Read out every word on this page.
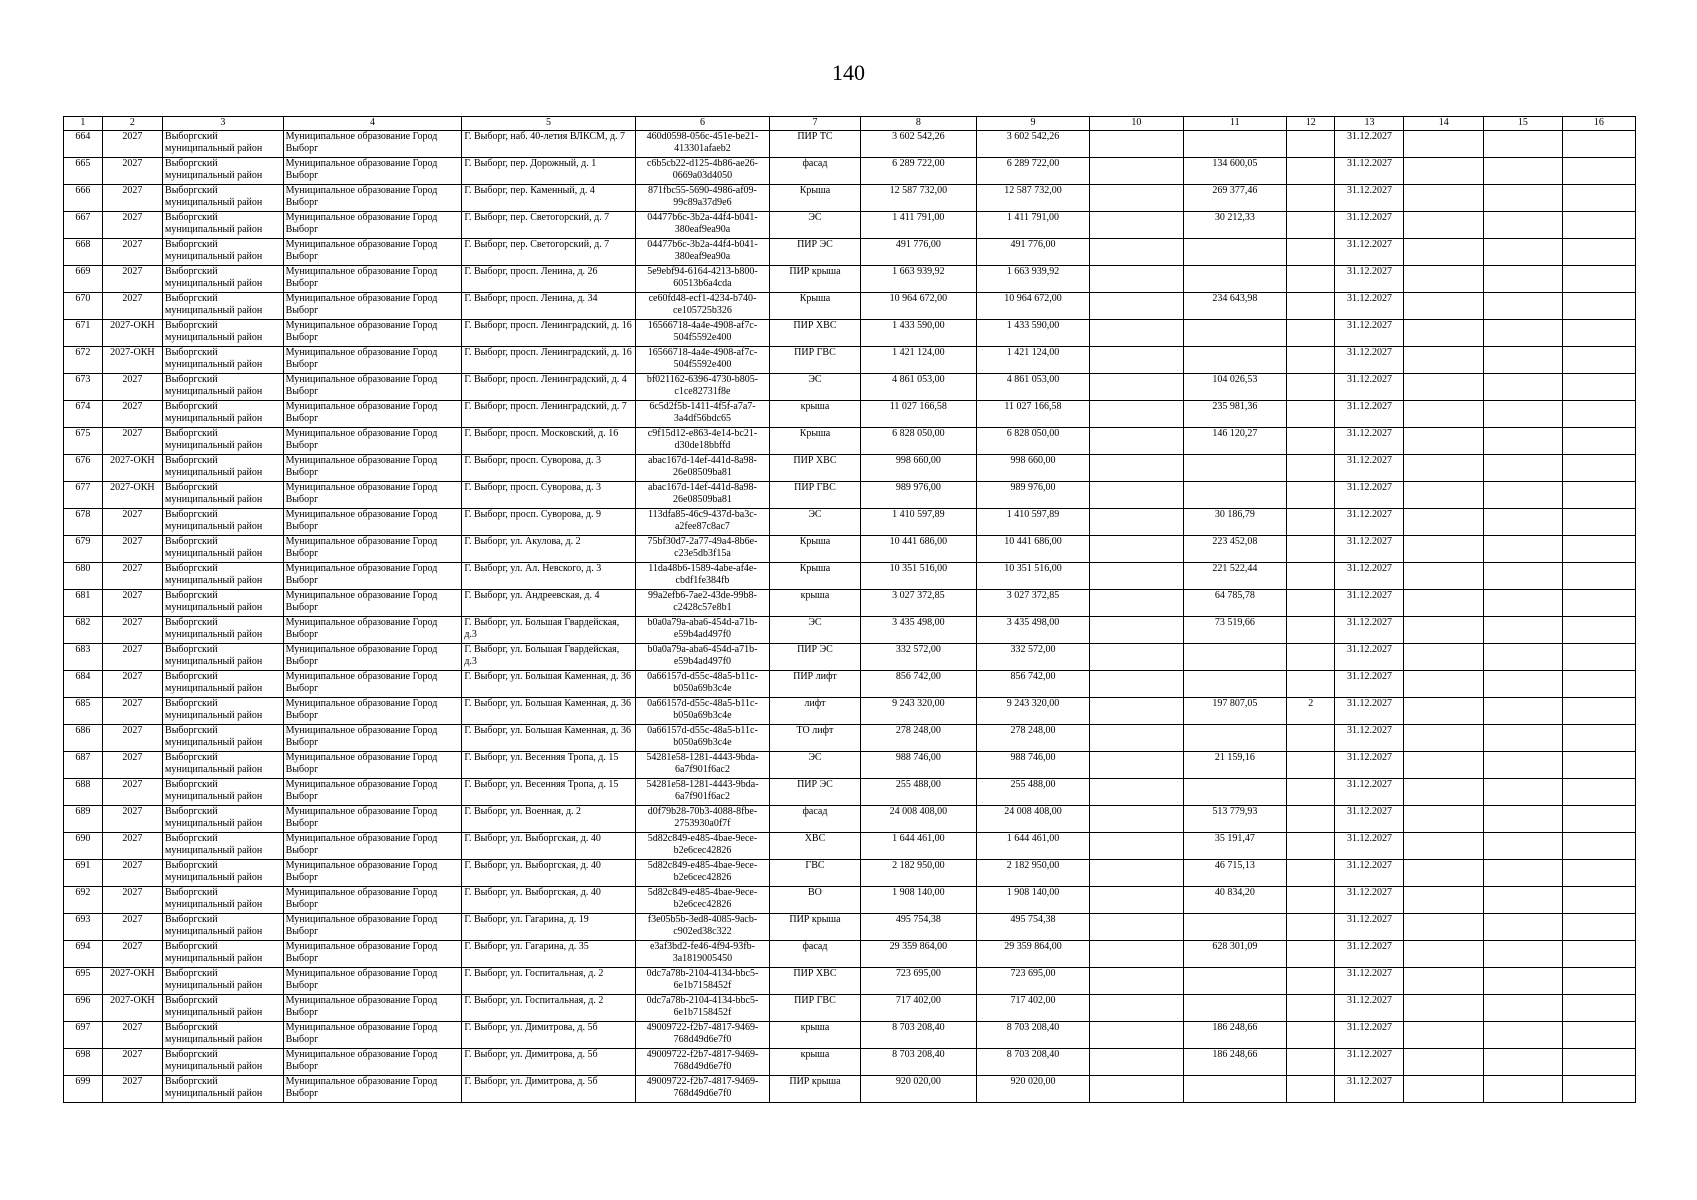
140
1	2	3	4	5	6	7	8	9	10	11	12	13	14	15	16
664	2027	Выборгский муниципальный район	Муниципальное образование Город Выборг	Г. Выборг, наб. 40-летия ВЛКСМ, д. 7	460d0598-056c-451e-be21-413301afaeb2	ПИР ТС	3 602 542,26	3 602 542,26				31.12.2027			
665	2027	Выборгский муниципальный район	Муниципальное образование Город Выборг	Г. Выборг, пер. Дорожный, д. 1	c6b5cb22-d125-4b86-ae26-0669a03d4050	фасад	6 289 722,00	6 289 722,00		134 600,05		31.12.2027			
666	2027	Выборгский муниципальный район	Муниципальное образование Город Выборг	Г. Выборг, пер. Каменный, д. 4	871fbc55-5690-4986-af09-99c89a37d9e6	Крыша	12 587 732,00	12 587 732,00		269 377,46		31.12.2027			
667	2027	Выборгский муниципальный район	Муниципальное образование Город Выборг	Г. Выборг, пер. Светогорский, д. 7	04477b6c-3b2a-44f4-b041-380eaf9ea90a	ЭС	1 411 791,00	1 411 791,00		30 212,33		31.12.2027			
668	2027	Выборгский муниципальный район	Муниципальное образование Город Выборг	Г. Выборг, пер. Светогорский, д. 7	04477b6c-3b2a-44f4-b041-380eaf9ea90a	ПИР ЭС	491 776,00	491 776,00				31.12.2027			
669	2027	Выборгский муниципальный район	Муниципальное образование Город Выборг	Г. Выборг, просп. Ленина, д. 26	5e9ebf94-6164-4213-b800-60513b6a4cda	ПИР крыша	1 663 939,92	1 663 939,92				31.12.2027			
670	2027	Выборгский муниципальный район	Муниципальное образование Город Выборг	Г. Выборг, просп. Ленина, д. 34	ce60fd48-ecf1-4234-b740-ce105725b326	Крыша	10 964 672,00	10 964 672,00		234 643,98		31.12.2027			
671	2027-ОКН	Выборгский муниципальный район	Муниципальное образование Город Выборг	Г. Выборг, просп. Ленинградский, д. 16	16566718-4a4e-4908-af7c-504f5592e400	ПИР ХВС	1 433 590,00	1 433 590,00				31.12.2027			
672	2027-ОКН	Выборгский муниципальный район	Муниципальное образование Город Выборг	Г. Выборг, просп. Ленинградский, д. 16	16566718-4a4e-4908-af7c-504f5592e400	ПИР ГВС	1 421 124,00	1 421 124,00				31.12.2027			
673	2027	Выборгский муниципальный район	Муниципальное образование Город Выборг	Г. Выборг, просп. Ленинградский, д. 4	bf021162-6396-4730-b805-c1ce82731f8e	ЭС	4 861 053,00	4 861 053,00		104 026,53		31.12.2027			
674	2027	Выборгский муниципальный район	Муниципальное образование Город Выборг	Г. Выборг, просп. Ленинградский, д. 7	6c5d2f5b-1411-4f5f-a7a7-3a4df56bdc65	крыша	11 027 166,58	11 027 166,58		235 981,36		31.12.2027			
675	2027	Выборгский муниципальный район	Муниципальное образование Город Выборг	Г. Выборг, просп. Московский, д. 16	c9f15d12-e863-4e14-bc21-d30de18bbffd	Крыша	6 828 050,00	6 828 050,00		146 120,27		31.12.2027			
676	2027-ОКН	Выборгский муниципальный район	Муниципальное образование Город Выборг	Г. Выборг, просп. Суворова, д. 3	abac167d-14ef-441d-8a98-26e08509ba81	ПИР ХВС	998 660,00	998 660,00				31.12.2027			
677	2027-ОКН	Выборгский муниципальный район	Муниципальное образование Город Выборг	Г. Выборг, просп. Суворова, д. 3	abac167d-14ef-441d-8a98-26e08509ba81	ПИР ГВС	989 976,00	989 976,00				31.12.2027			
678	2027	Выборгский муниципальный район	Муниципальное образование Город Выборг	Г. Выборг, просп. Суворова, д. 9	113dfa85-46c9-437d-ba3c-a2fee87c8ac7	ЭС	1 410 597,89	1 410 597,89		30 186,79		31.12.2027			
679	2027	Выборгский муниципальный район	Муниципальное образование Город Выборг	Г. Выборг, ул. Акулова, д. 2	75bf30d7-2a77-49a4-8b6e-c23e5db3f15a	Крыша	10 441 686,00	10 441 686,00		223 452,08		31.12.2027			
680	2027	Выборгский муниципальный район	Муниципальное образование Город Выборг	Г. Выборг, ул. Ал. Невского, д. 3	11da48b6-1589-4abe-af4e-cbdf1fe384fb	Крыша	10 351 516,00	10 351 516,00		221 522,44		31.12.2027			
681	2027	Выборгский муниципальный район	Муниципальное образование Город Выборг	Г. Выборг, ул. Андреевская, д. 4	99a2efb6-7ae2-43de-99b8-c2428c57e8b1	крыша	3 027 372,85	3 027 372,85		64 785,78		31.12.2027			
682	2027	Выборгский муниципальный район	Муниципальное образование Город Выборг	Г. Выборг, ул. Большая Гвардейская, д.3	b0a0a79a-aba6-454d-a71b-e59b4ad497f0	ЭС	3 435 498,00	3 435 498,00		73 519,66		31.12.2027			
683	2027	Выборгский муниципальный район	Муниципальное образование Город Выборг	Г. Выборг, ул. Большая Гвардейская, д.3	b0a0a79a-aba6-454d-a71b-e59b4ad497f0	ПИР ЭС	332 572,00	332 572,00				31.12.2027			
684	2027	Выборгский муниципальный район	Муниципальное образование Город Выборг	Г. Выборг, ул. Большая Каменная, д. 36	0a66157d-d55c-48a5-b11c-b050a69b3c4e	ПИР лифт	856 742,00	856 742,00				31.12.2027			
685	2027	Выборгский муниципальный район	Муниципальное образование Город Выборг	Г. Выборг, ул. Большая Каменная, д. 36	0a66157d-d55c-48a5-b11c-b050a69b3c4e	лифт	9 243 320,00	9 243 320,00		197 807,05	2	31.12.2027			
686	2027	Выборгский муниципальный район	Муниципальное образование Город Выборг	Г. Выборг, ул. Большая Каменная, д. 36	0a66157d-d55c-48a5-b11c-b050a69b3c4e	ТО лифт	278 248,00	278 248,00				31.12.2027			
687	2027	Выборгский муниципальный район	Муниципальное образование Город Выборг	Г. Выборг, ул. Весенняя Тропа, д. 15	54281e58-1281-4443-9bda-6a7f901f6ac2	ЭС	988 746,00	988 746,00		21 159,16		31.12.2027			
688	2027	Выборгский муниципальный район	Муниципальное образование Город Выборг	Г. Выборг, ул. Весенняя Тропа, д. 15	54281e58-1281-4443-9bda-6a7f901f6ac2	ПИР ЭС	255 488,00	255 488,00				31.12.2027			
689	2027	Выборгский муниципальный район	Муниципальное образование Город Выборг	Г. Выборг, ул. Военная, д. 2	d0f79b28-70b3-4088-8fbe-2753930a0f7f	фасад	24 008 408,00	24 008 408,00		513 779,93		31.12.2027			
690	2027	Выборгский муниципальный район	Муниципальное образование Город Выборг	Г. Выборг, ул. Выборгская, д. 40	5d82c849-e485-4bae-9ece-b2e6cec42826	ХВС	1 644 461,00	1 644 461,00		35 191,47		31.12.2027			
691	2027	Выборгский муниципальный район	Муниципальное образование Город Выборг	Г. Выборг, ул. Выборгская, д. 40	5d82c849-e485-4bae-9ece-b2e6cec42826	ГВС	2 182 950,00	2 182 950,00		46 715,13		31.12.2027			
692	2027	Выборгский муниципальный район	Муниципальное образование Город Выборг	Г. Выборг, ул. Выборгская, д. 40	5d82c849-e485-4bae-9ece-b2e6cec42826	ВО	1 908 140,00	1 908 140,00		40 834,20		31.12.2027			
693	2027	Выборгский муниципальный район	Муниципальное образование Город Выборг	Г. Выборг, ул. Гагарина, д. 19	f3e05b5b-3ed8-4085-9acb-c902ed38c322	ПИР крыша	495 754,38	495 754,38				31.12.2027			
694	2027	Выборгский муниципальный район	Муниципальное образование Город Выборг	Г. Выборг, ул. Гагарина, д. 35	e3af3bd2-fe46-4f94-93fb-3a1819005450	фасад	29 359 864,00	29 359 864,00		628 301,09		31.12.2027			
695	2027-ОКН	Выборгский муниципальный район	Муниципальное образование Город Выборг	Г. Выборг, ул. Госпитальная, д. 2	0dc7a78b-2104-4134-bbc5-6e1b7158452f	ПИР ХВС	723 695,00	723 695,00				31.12.2027			
696	2027-ОКН	Выборгский муниципальный район	Муниципальное образование Город Выборг	Г. Выборг, ул. Госпитальная, д. 2	0dc7a78b-2104-4134-bbc5-6e1b7158452f	ПИР ГВС	717 402,00	717 402,00				31.12.2027			
697	2027	Выборгский муниципальный район	Муниципальное образование Город Выборг	Г. Выборг, ул. Димитрова, д. 5б	49009722-f2b7-4817-9469-768d49d6e7f0	крыша	8 703 208,40	8 703 208,40		186 248,66		31.12.2027			
698	2027	Выборгский муниципальный район	Муниципальное образование Город Выборг	Г. Выборг, ул. Димитрова, д. 5б	49009722-f2b7-4817-9469-768d49d6e7f0	крыша	8 703 208,40	8 703 208,40		186 248,66		31.12.2027			
699	2027	Выборгский муниципальный район	Муниципальное образование Город Выборг	Г. Выборг, ул. Димитрова, д. 5б	49009722-f2b7-4817-9469-768d49d6e7f0	ПИР крыша	920 020,00	920 020,00				31.12.2027			
